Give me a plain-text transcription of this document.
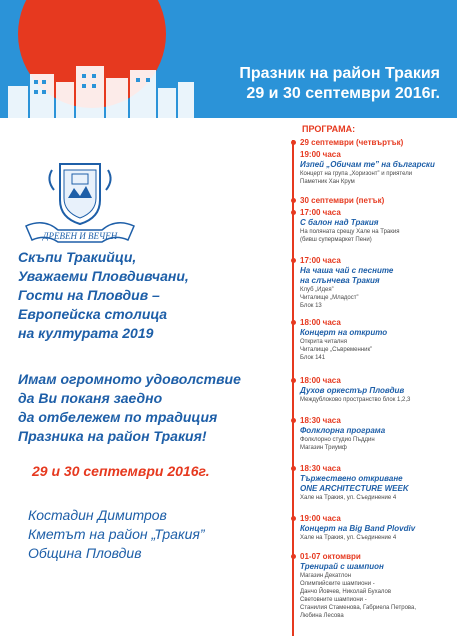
Празник на район Тракия
29 и 30 септември 2016г.
ДРЕВЕН И ВЕЧЕН
Скъпи Тракийци,
Уважаеми Пловдивчани,
Гости на Пловдив –
Европейска столица
на културата 2019
Имам огромното удоволствие
да Ви поканя заедно
да отбележем по традиция
Празника на район Тракия!
29 и 30 септември 2016г.
Костадин Димитров
Кметът на район „Тракия”
Община Пловдив
ПРОГРАМА:
29 септември (четвъртък)
19:00 часа
Изпей „Обичам те” на български
Концерт на група „Хоризонт” и приятели
Паметник Хан Крум
30 септември (петък)
17:00 часа
С балон над Тракия
На поляната срещу Хале на Тракия
(бивш супермаркет Пени)
17:00 часа
На чаша чай с песните
на слънчева Тракия
Клуб „Идея”
Читалище „Младост”
Блок 13
18:00 часа
Концерт на открито
Открита читалня
Читалище „Съвременник”
Блок 141
18:00 часа
Духов оркестър Пловдив
Междублоково пространство блок 1,2,3
18:30 часа
Фолклорна програма
Фолклорно студио Пъддин
Магазин Триумф
18:30 часа
Тържествено откриване
ONE ARCHITECTURE WEEK
Хале на Тракия, ул. Съединение 4
19:00 часа
Концерт на Big Band Plovdiv
Хале на Тракия, ул. Съединение 4
01-07 октомври
Тренирай с шампион
Магазин Декатлон
Олимпийските шампиони -
Данчо Йовчев, Николай Бухалов
Световните шампиони -
Станилия Стаменова, Габриела Петрова,
Любина Лесова
